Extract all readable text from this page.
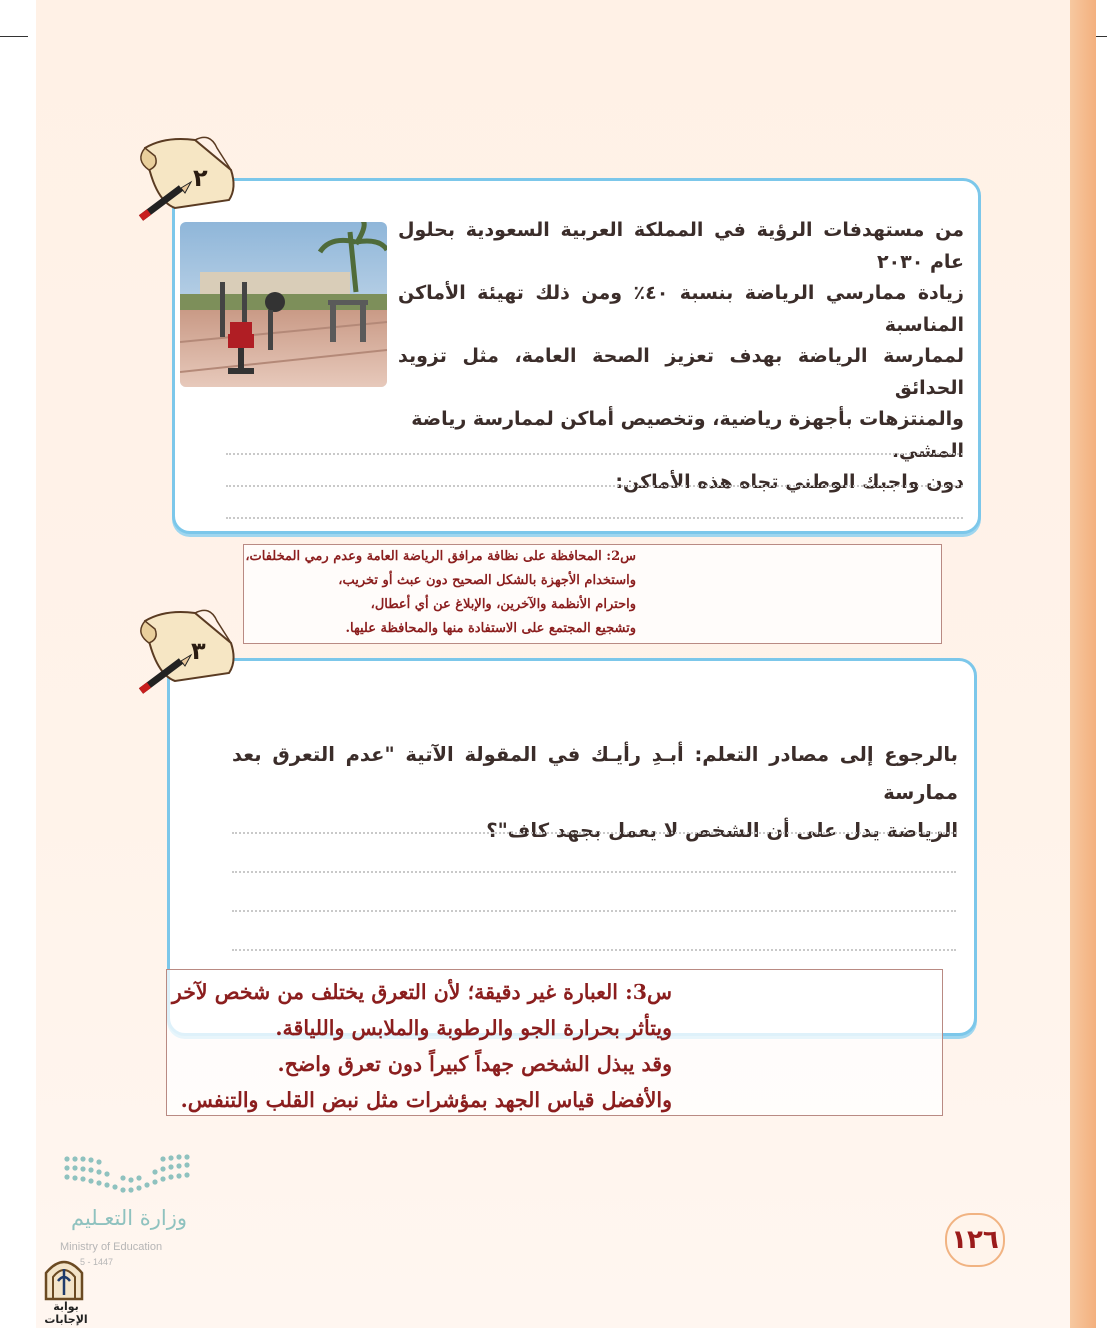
٢
من مستهدفات الرؤية في المملكة العربية السعودية بحلول عام ٢٠٣٠
زيادة ممارسي الرياضة بنسبة ٤٠٪ ومن ذلك تهيئة الأماكن المناسبة
لممارسة الرياضة بهدف تعزيز الصحة العامة، مثل تزويد الحدائق
والمنتزهات بأجهزة رياضية، وتخصيص أماكن لممارسة رياضة
المشي.
دون واجبك الوطني تجاه هذه الأماكن:
س2: المحافظة على نظافة مرافق الرياضة العامة وعدم رمي المخلفات،
واستخدام الأجهزة بالشكل الصحيح دون عبث أو تخريب،
واحترام الأنظمة والآخرين، والإبلاغ عن أي أعطال،
وتشجيع المجتمع على الاستفادة منها والمحافظة عليها.
٣
بالرجوع إلى مصادر التعلم: أبـدِ رأيـك في المقولة الآتية "عدم التعرق بعد ممارسة
الرياضة يدل على أن الشخص لا يعمل بجهد كاف"؟
س3: العبارة غير دقيقة؛ لأن التعرق يختلف من شخص لآخر
ويتأثر بحرارة الجو والرطوبة والملابس واللياقة.
وقد يبذل الشخص جهداً كبيراً دون تعرق واضح.
والأفضل قياس الجهد بمؤشرات مثل نبض القلب والتنفس.
وزارة التعـليم
Ministry of Education
5 - 1447
١٢٦
بوابة الإجابات
